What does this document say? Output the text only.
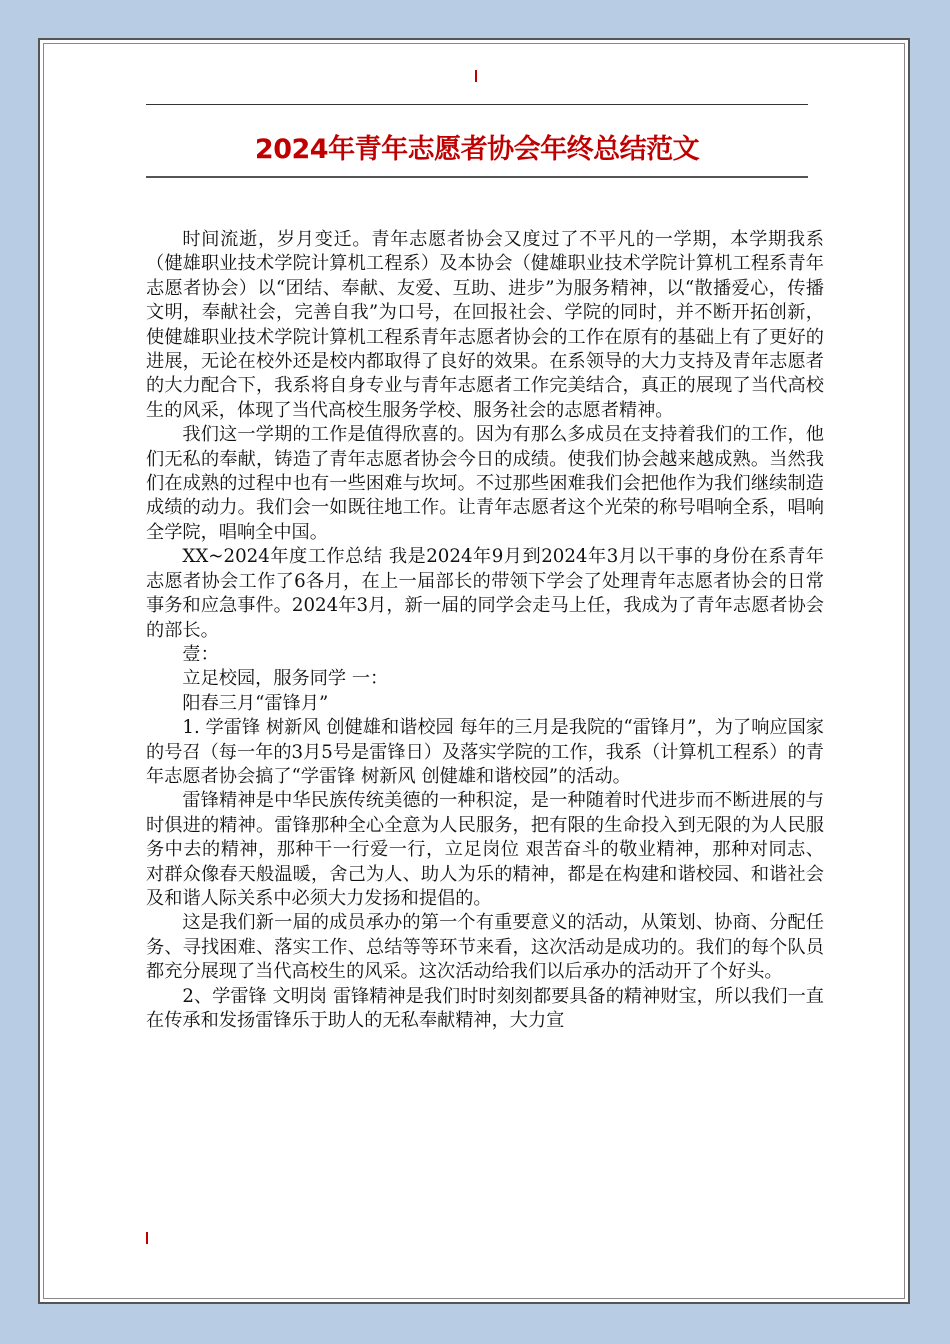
2024年青年志愿者协会年终总结范文

时间流逝，岁月变迁。青年志愿者协会又度过了不平凡的一学期，本学期我系（健雄职业技术学院计算机工程系）及本协会（健雄职业技术学院计算机工程系青年志愿者协会）以“团结、奉献、友爱、互助、进步”为服务精神，以“散播爱心，传播文明，奉献社会，完善自我”为口号，在回报社会、学院的同时，并不断开拓创新，使健雄职业技术学院计算机工程系青年志愿者协会的工作在原有的基础上有了更好的进展，无论在校外还是校内都取得了良好的效果。在系领导的大力支持及青年志愿者的大力配合下，我系将自身专业与青年志愿者工作完美结合，真正的展现了当代高校生的风采，体现了当代高校生服务学校、服务社会的志愿者精神。

我们这一学期的工作是值得欣喜的。因为有那么多成员在支持着我们的工作，他们无私的奉献，铸造了青年志愿者协会今日的成绩。使我们协会越来越成熟。当然我们在成熟的过程中也有一些困难与坎坷。不过那些困难我们会把他作为我们继续制造成绩的动力。我们会一如既往地工作。让青年志愿者这个光荣的称号唱响全系，唱响全学院，唱响全中国。

XX~2024年度工作总结 我是2024年9月到2024年3月以干事的身份在系青年志愿者协会工作了6各月，在上一届部长的带领下学会了处理青年志愿者协会的日常事务和应急事件。2024年3月，新一届的同学会走马上任，我成为了青年志愿者协会的部长。

壹：

立足校园，服务同学 一：

阳春三月“雷锋月”

1. 学雷锋 树新风 创健雄和谐校园 每年的三月是我院的“雷锋月”，为了响应国家的号召（每一年的3月5号是雷锋日）及落实学院的工作，我系（计算机工程系）的青年志愿者协会搞了“学雷锋 树新风 创健雄和谐校园”的活动。

雷锋精神是中华民族传统美德的一种积淀，是一种随着时代进步而不断进展的与时俱进的精神。雷锋那种全心全意为人民服务，把有限的生命投入到无限的为人民服务中去的精神，那种干一行爱一行，立足岗位 艰苦奋斗的敬业精神，那种对同志、对群众像春天般温暖，舍己为人、助人为乐的精神，都是在构建和谐校园、和谐社会及和谐人际关系中必须大力发扬和提倡的。

这是我们新一届的成员承办的第一个有重要意义的活动，从策划、协商、分配任务、寻找困难、落实工作、总结等等环节来看，这次活动是成功的。我们的每个队员都充分展现了当代高校生的风采。这次活动给我们以后承办的活动开了个好头。

2、学雷锋 文明岗 雷锋精神是我们时时刻刻都要具备的精神财宝，所以我们一直在传承和发扬雷锋乐于助人的无私奉献精神，大力宣
